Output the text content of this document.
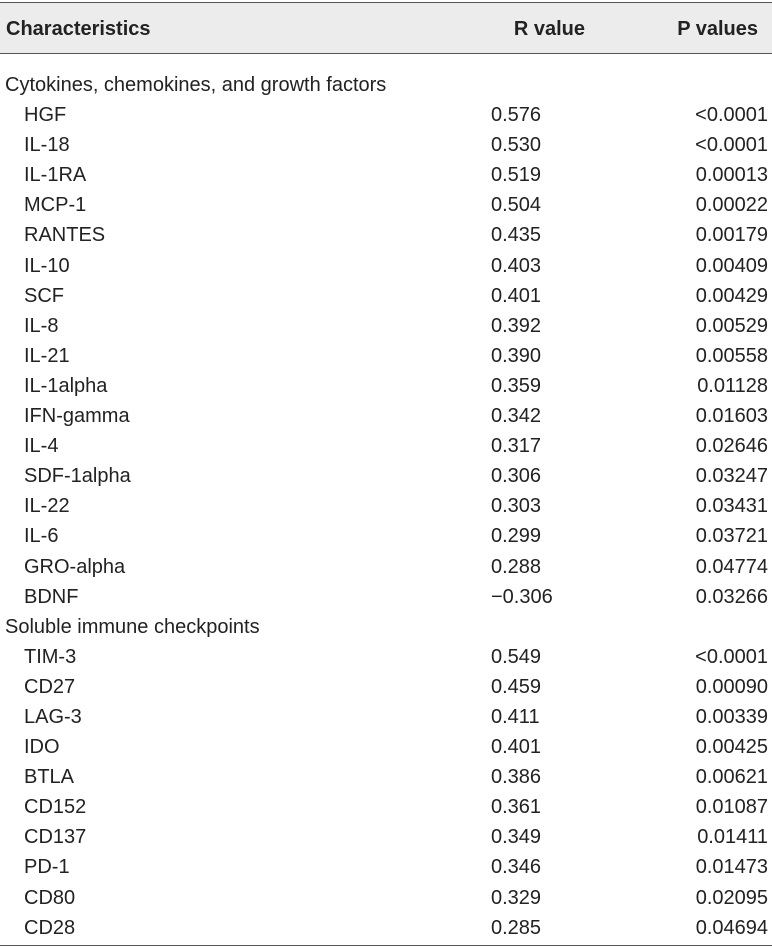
Characteristics	R value	P values
Cytokines, chemokines, and growth factors
HGF	0.576	<0.0001
IL-18	0.530	<0.0001
IL-1RA	0.519	0.00013
MCP-1	0.504	0.00022
RANTES	0.435	0.00179
IL-10	0.403	0.00409
SCF	0.401	0.00429
IL-8	0.392	0.00529
IL-21	0.390	0.00558
IL-1alpha	0.359	0.01128
IFN-gamma	0.342	0.01603
IL-4	0.317	0.02646
SDF-1alpha	0.306	0.03247
IL-22	0.303	0.03431
IL-6	0.299	0.03721
GRO-alpha	0.288	0.04774
BDNF	−0.306	0.03266
Soluble immune checkpoints
TIM-3	0.549	<0.0001
CD27	0.459	0.00090
LAG-3	0.411	0.00339
IDO	0.401	0.00425
BTLA	0.386	0.00621
CD152	0.361	0.01087
CD137	0.349	0.01411
PD-1	0.346	0.01473
CD80	0.329	0.02095
CD28	0.285	0.04694
